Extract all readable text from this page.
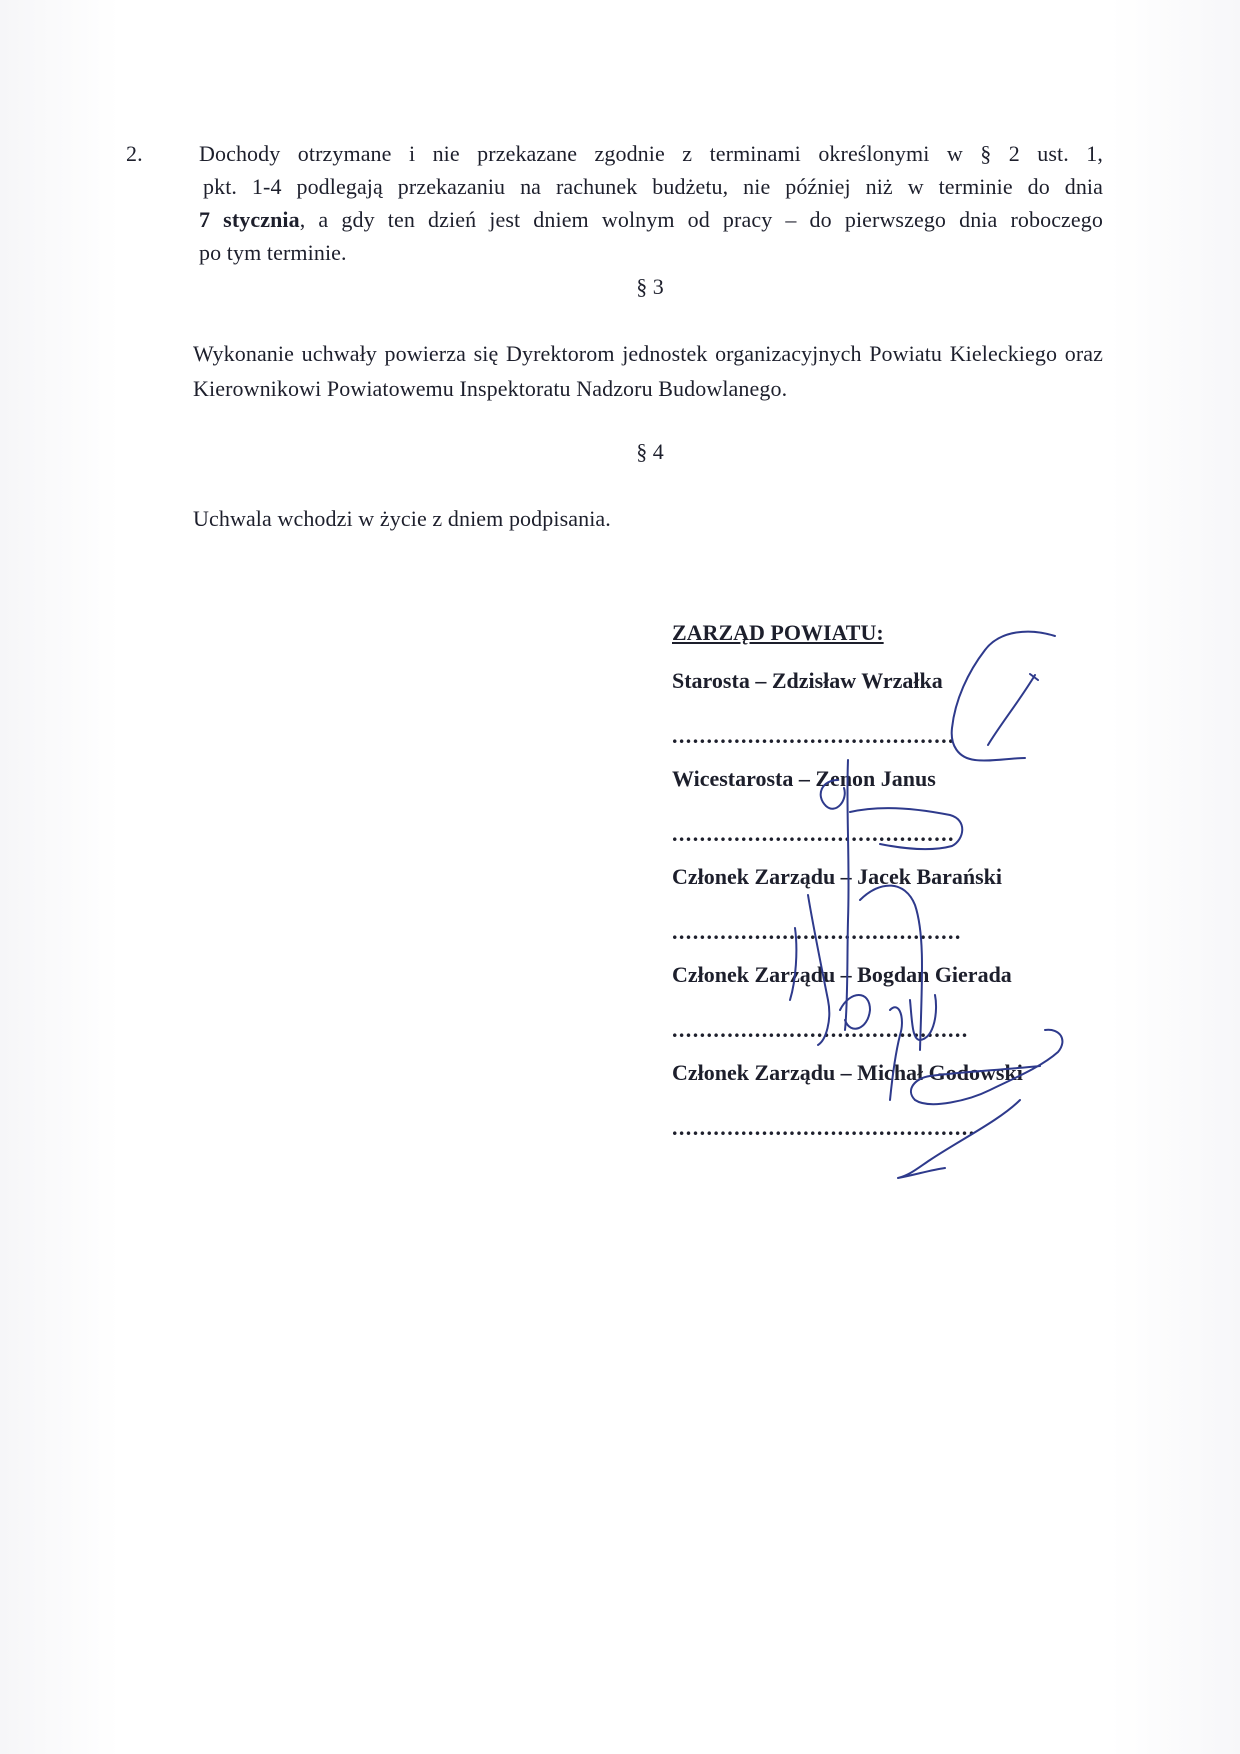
2.	Dochody otrzymane i nie przekazane zgodnie z terminami określonymi w § 2 ust. 1,
pkt. 1-4 podlegają przekazaniu na rachunek budżetu, nie później niż w terminie do dnia
7 stycznia, a gdy ten dzień jest dniem wolnym od pracy – do pierwszego dnia roboczego
po tym terminie.
§ 3
Wykonanie uchwały powierza się Dyrektorom jednostek organizacyjnych Powiatu Kieleckiego oraz Kierownikowi Powiatowemu Inspektoratu Nadzoru Budowlanego.
§ 4
Uchwala wchodzi w życie z dniem podpisania.
ZARZĄD POWIATU:
Starosta – Zdzisław Wrzałka
.........................................
Wicestarosta – Zenon Janus
.........................................
Członek Zarządu – Jacek Barański
..........................................
Członek Zarządu – Bogdan Gierada
...........................................
Członek Zarządu – Michał Godowski
............................................
